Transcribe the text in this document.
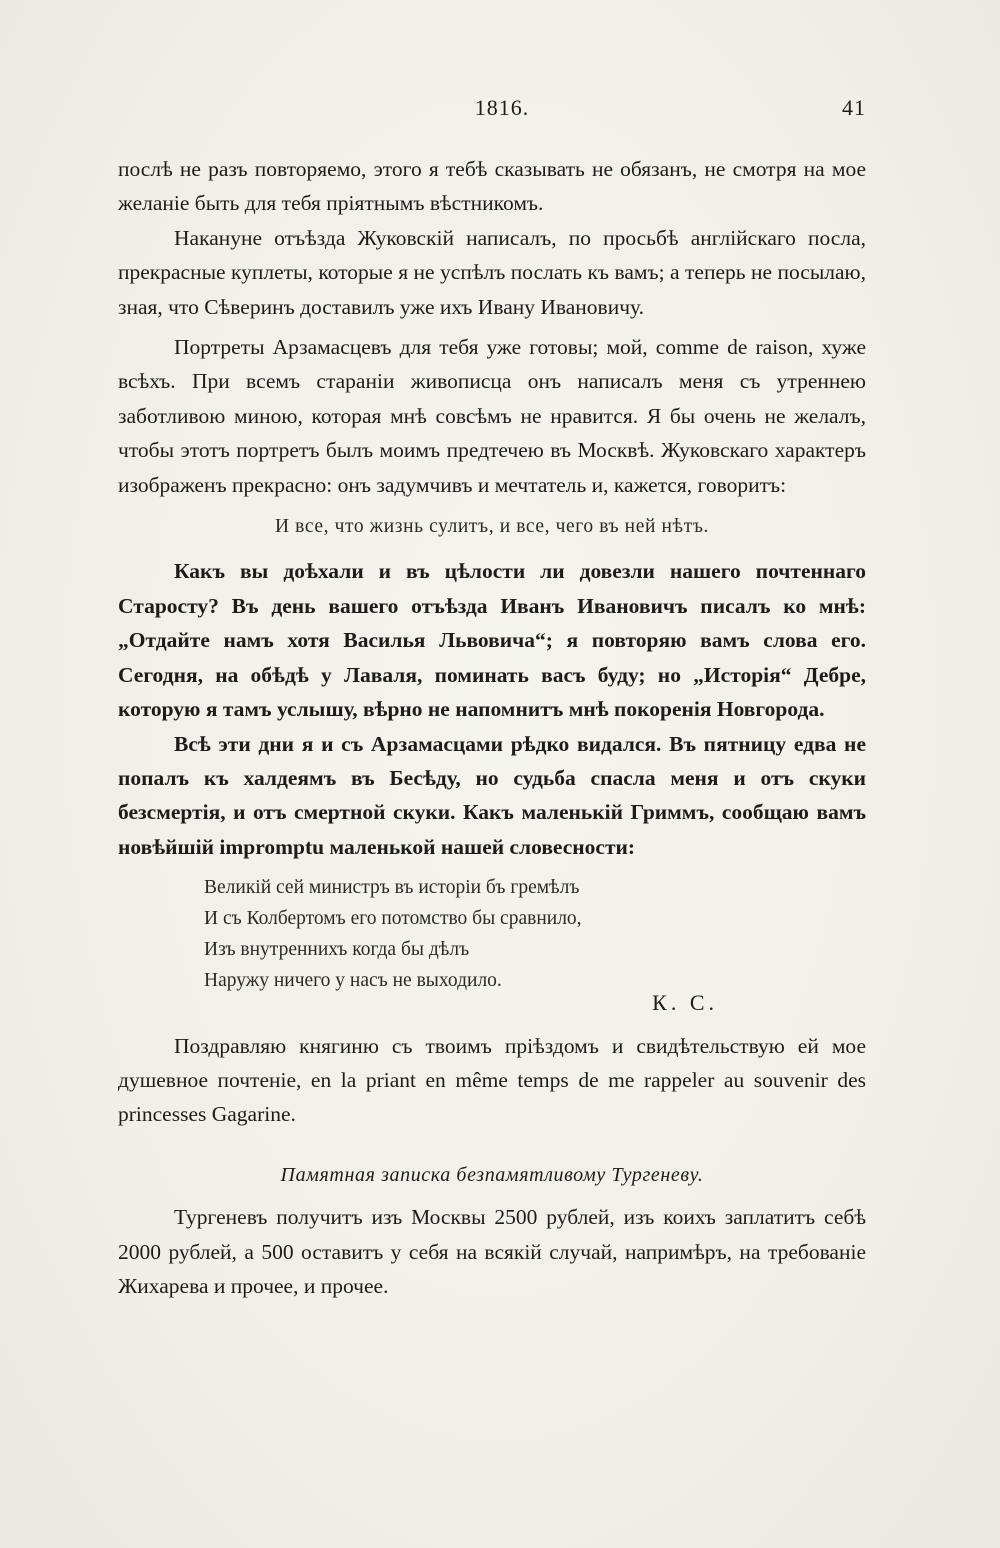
1816.	41

послѣ не разъ повторяемо, этого я тебѣ сказывать не обязанъ, не смотря на мое желаніе быть для тебя пріятнымъ вѣстникомъ.

Накануне отъѣзда Жуковскій написалъ, по просьбѣ англійскаго посла, прекрасные куплеты, которые я не успѣлъ послать къ вамъ; а теперь не посылаю, зная, что Сѣверинъ доставилъ уже ихъ Ивану Ивановичу.

Портреты Арзамасцевъ для тебя уже готовы; мой, comme de raison, хуже всѣхъ. При всемъ стараніи живописца онъ написалъ меня съ утреннею заботливою миною, которая мнѣ совсѣмъ не нравится. Я бы очень не желалъ, чтобы этотъ портретъ былъ моимъ предтечею въ Москвѣ. Жуковскаго характеръ изображенъ прекрасно: онъ задумчивъ и мечтатель и, кажется, говоритъ:

И все, что жизнь сулитъ, и все, чего въ ней нѣтъ.

Какъ вы доѣхали и въ цѣлости ли довезли нашего почтеннаго Старосту? Въ день вашего отъѣзда Иванъ Ивановичъ писалъ ко мнѣ: „Отдайте намъ хотя Василья Львовича“; я повторяю вамъ слова его. Сегодня, на обѣдѣ у Лаваля, поминать васъ буду; но „Исторія“ Дебре, которую я тамъ услышу, вѣрно не напомнитъ мнѣ покоренія Новгорода.

Всѣ эти дни я и съ Арзамасцами рѣдко видался. Въ пятницу едва не попалъ къ халдеямъ въ Бесѣду, но судьба спасла меня и отъ скуки безсмертія, и отъ смертной скуки. Какъ маленькій Гриммъ, сообщаю вамъ новѣйшій impromptu маленькой нашей словесности:

Великій сей министръ въ исторіи бъ гремѣлъ
И съ Колбертомъ его потомство бы сравнило,
Изъ внутреннихъ когда бы дѣлъ
Наружу ничего у насъ не выходило.
К. С.

Поздравляю княгиню съ твоимъ пріѣздомъ и свидѣтельствую ей мое душевное почтеніе, en la priant en même temps de me rappeler au souvenir des princesses Gagarine.

Памятная записка безпамятливому Тургеневу.

Тургеневъ получитъ изъ Москвы 2500 рублей, изъ коихъ заплатитъ себѣ 2000 рублей, а 500 оставитъ у себя на всякій случай, напримѣръ, на требованіе Жихарева и прочее, и прочее.
